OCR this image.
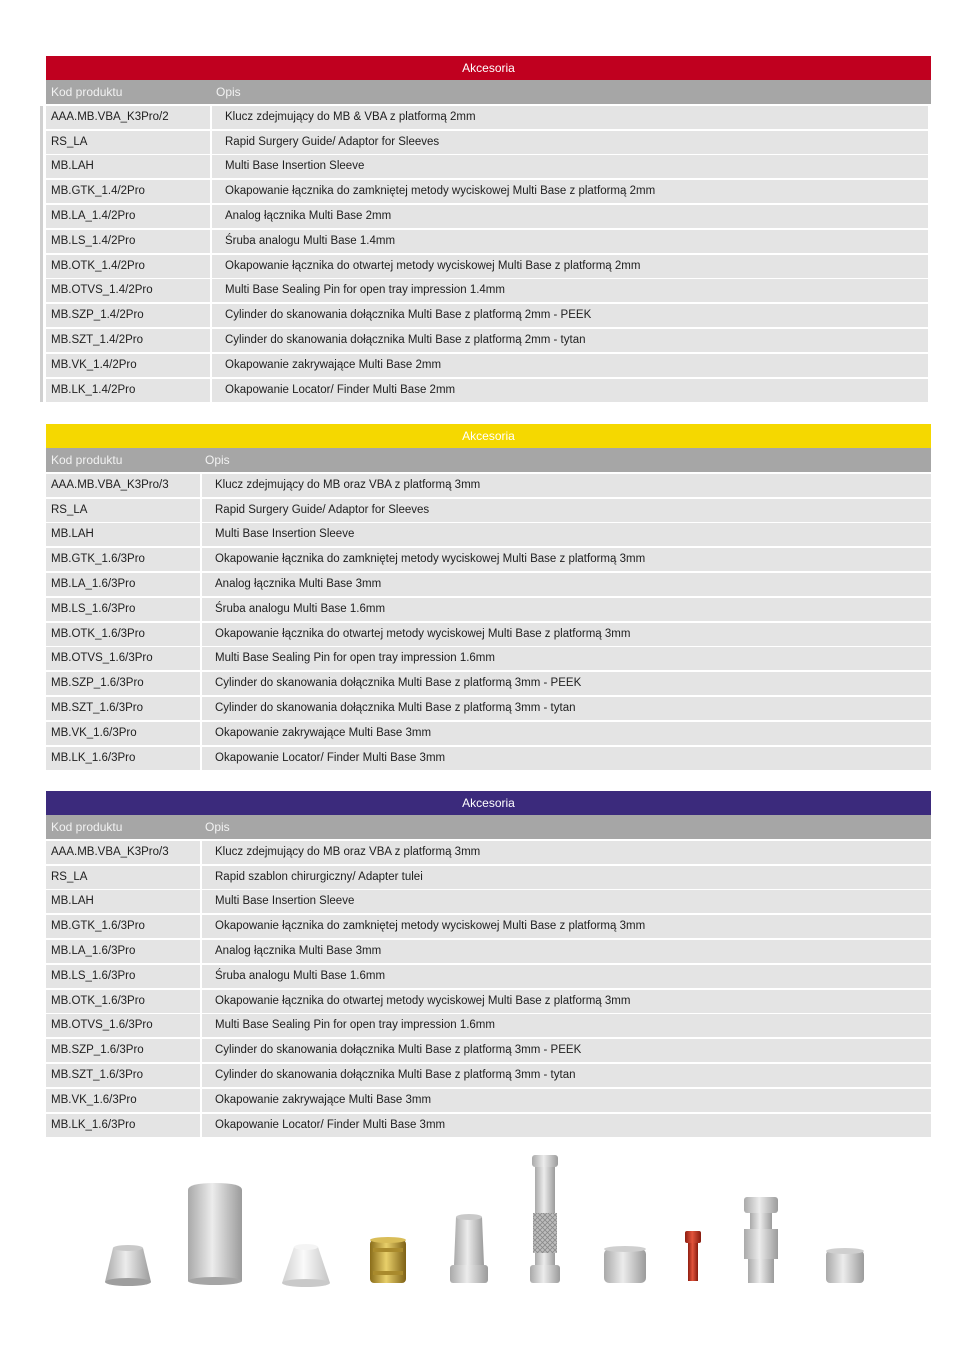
Akcesoria
Kod produktu	Opis
AAA.MB.VBA_K3Pro/2	Klucz zdejmujący do MB & VBA z platformą 2mm
RS_LA	Rapid Surgery Guide/ Adaptor for Sleeves
MB.LAH	Multi Base Insertion Sleeve
MB.GTK_1.4/2Pro	Okapowanie łącznika do zamkniętej metody wyciskowej Multi Base z platformą 2mm
MB.LA_1.4/2Pro	Analog łącznika Multi Base 2mm
MB.LS_1.4/2Pro	Śruba analogu Multi Base 1.4mm
MB.OTK_1.4/2Pro	Okapowanie łącznika do otwartej metody wyciskowej Multi Base z platformą 2mm
MB.OTVS_1.4/2Pro	Multi Base Sealing Pin for open tray impression 1.4mm
MB.SZP_1.4/2Pro	Cylinder do skanowania dołącznika Multi Base z platformą 2mm - PEEK
MB.SZT_1.4/2Pro	Cylinder do skanowania dołącznika Multi Base z platformą 2mm - tytan
MB.VK_1.4/2Pro	Okapowanie zakrywające Multi Base 2mm
MB.LK_1.4/2Pro	Okapowanie Locator/ Finder Multi Base 2mm
Akcesoria
Kod produktu	Opis
AAA.MB.VBA_K3Pro/3	Klucz zdejmujący do MB oraz VBA z platformą 3mm
RS_LA	Rapid Surgery Guide/ Adaptor for Sleeves
MB.LAH	Multi Base Insertion Sleeve
MB.GTK_1.6/3Pro	Okapowanie łącznika do zamkniętej metody wyciskowej Multi Base z platformą 3mm
MB.LA_1.6/3Pro	Analog łącznika Multi Base 3mm
MB.LS_1.6/3Pro	Śruba analogu Multi Base 1.6mm
MB.OTK_1.6/3Pro	Okapowanie łącznika do otwartej metody wyciskowej Multi Base z platformą 3mm
MB.OTVS_1.6/3Pro	Multi Base Sealing Pin for open tray impression 1.6mm
MB.SZP_1.6/3Pro	Cylinder do skanowania dołącznika Multi Base z platformą 3mm - PEEK
MB.SZT_1.6/3Pro	Cylinder do skanowania dołącznika Multi Base z platformą 3mm - tytan
MB.VK_1.6/3Pro	Okapowanie zakrywające Multi Base 3mm
MB.LK_1.6/3Pro	Okapowanie Locator/ Finder Multi Base 3mm
Akcesoria
Kod produktu	Opis
AAA.MB.VBA_K3Pro/3	Klucz zdejmujący do MB oraz VBA z platformą 3mm
RS_LA	Rapid szablon chirurgiczny/ Adapter tulei
MB.LAH	Multi Base Insertion Sleeve
MB.GTK_1.6/3Pro	Okapowanie łącznika do zamkniętej metody wyciskowej Multi Base z platformą 3mm
MB.LA_1.6/3Pro	Analog łącznika Multi Base 3mm
MB.LS_1.6/3Pro	Śruba analogu Multi Base 1.6mm
MB.OTK_1.6/3Pro	Okapowanie łącznika do otwartej metody wyciskowej Multi Base z platformą 3mm
MB.OTVS_1.6/3Pro	Multi Base Sealing Pin for open tray impression 1.6mm
MB.SZP_1.6/3Pro	Cylinder do skanowania dołącznika Multi Base z platformą 3mm - PEEK
MB.SZT_1.6/3Pro	Cylinder do skanowania dołącznika Multi Base z platformą 3mm - tytan
MB.VK_1.6/3Pro	Okapowanie zakrywające Multi Base 3mm
MB.LK_1.6/3Pro	Okapowanie Locator/ Finder Multi Base 3mm
